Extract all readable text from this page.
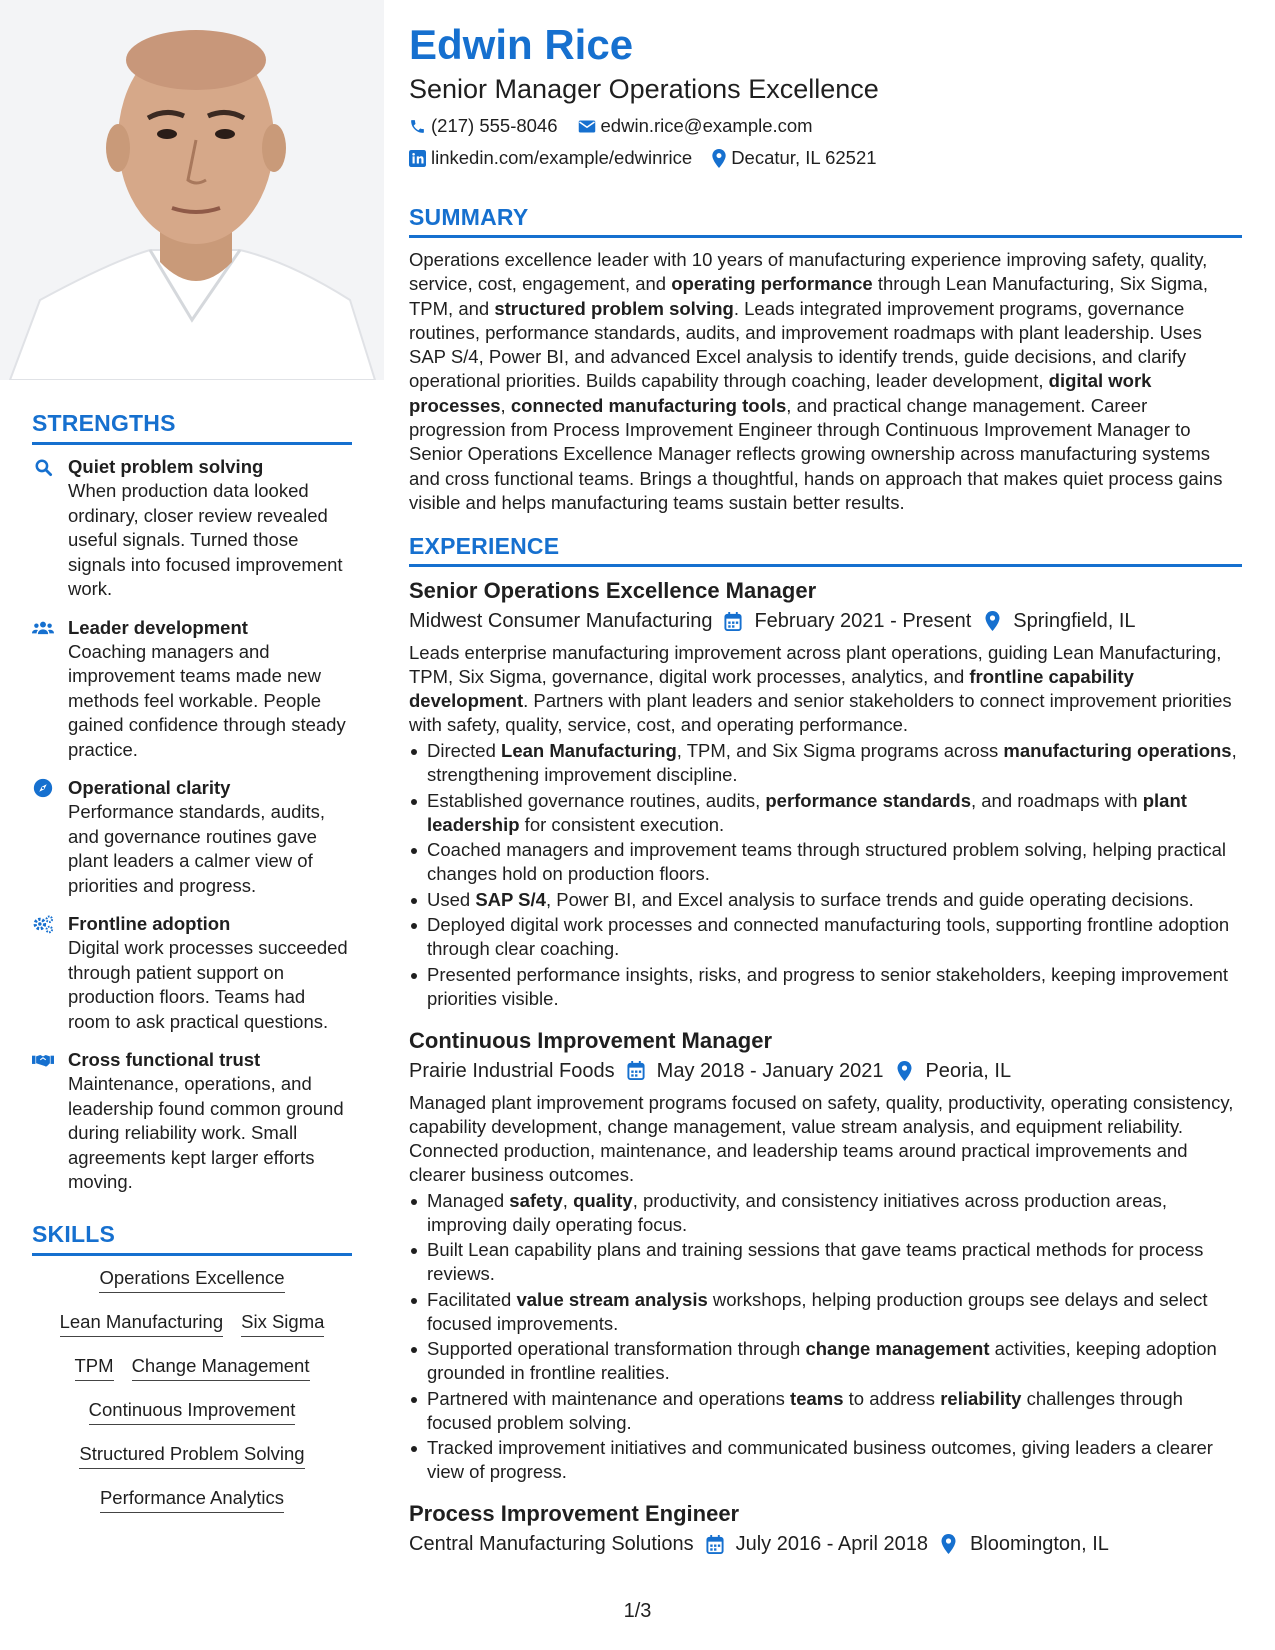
Edwin Rice
Senior Manager Operations Excellence
(217) 555-8046 edwin.rice@example.com
linkedin.com/example/edwinrice Decatur, IL 62521
SUMMARY

Operations excellence leader with 10 years of manufacturing experience improving safety, quality, service, cost, engagement, and operating performance through Lean Manufacturing, Six Sigma, TPM, and structured problem solving. Leads integrated improvement programs, governance routines, performance standards, audits, and improvement roadmaps with plant leadership. Uses SAP S/4, Power BI, and advanced Excel analysis to identify trends, guide decisions, and clarify operational priorities. Builds capability through coaching, leader development, digital work processes, connected manufacturing tools, and practical change management. Career progression from Process Improvement Engineer through Continuous Improvement Manager to Senior Operations Excellence Manager reflects growing ownership across manufacturing systems and cross functional teams. Brings a thoughtful, hands on approach that makes quiet process gains visible and helps manufacturing teams sustain better results.

EXPERIENCE
Senior Operations Excellence Manager
Midwest Consumer Manufacturing February 2021 - Present Springfield, IL

Leads enterprise manufacturing improvement across plant operations, guiding Lean Manufacturing, TPM, Six Sigma, governance, digital work processes, analytics, and frontline capability development. Partners with plant leaders and senior stakeholders to connect improvement priorities with safety, quality, service, cost, and operating performance.

Directed Lean Manufacturing, TPM, and Six Sigma programs across manufacturing operations, strengthening improvement discipline.
Established governance routines, audits, performance standards, and roadmaps with plant leadership for consistent execution.
Coached managers and improvement teams through structured problem solving, helping practical changes hold on production floors.
Used SAP S/4, Power BI, and Excel analysis to surface trends and guide operating decisions.
Deployed digital work processes and connected manufacturing tools, supporting frontline adoption through clear coaching.
Presented performance insights, risks, and progress to senior stakeholders, keeping improvement priorities visible.
Continuous Improvement Manager
Prairie Industrial Foods May 2018 - January 2021 Peoria, IL

Managed plant improvement programs focused on safety, quality, productivity, operating consistency, capability development, change management, value stream analysis, and equipment reliability. Connected production, maintenance, and leadership teams around practical improvements and clearer business outcomes.

Managed safety, quality, productivity, and consistency initiatives across production areas, improving daily operating focus.
Built Lean capability plans and training sessions that gave teams practical methods for process reviews.
Facilitated value stream analysis workshops, helping production groups see delays and select focused improvements.
Supported operational transformation through change management activities, keeping adoption grounded in frontline realities.
Partnered with maintenance and operations teams to address reliability challenges through focused problem solving.
Tracked improvement initiatives and communicated business outcomes, giving leaders a clearer view of progress.
Process Improvement Engineer
Central Manufacturing Solutions July 2016 - April 2018 Bloomington, IL
STRENGTHS
Quiet problem solving
When production data looked ordinary, closer review revealed useful signals. Turned those signals into focused improvement work.
Leader development
Coaching managers and improvement teams made new methods feel workable. People gained confidence through steady practice.
Operational clarity
Performance standards, audits, and governance routines gave plant leaders a calmer view of priorities and progress.
Frontline adoption
Digital work processes succeeded through patient support on production floors. Teams had room to ask practical questions.
Cross functional trust
Maintenance, operations, and leadership found common ground during reliability work. Small agreements kept larger efforts moving.
SKILLS
Operations Excellence
Lean Manufacturing Six Sigma
TPM Change Management
Continuous Improvement
Structured Problem Solving
Performance Analytics
1/3
